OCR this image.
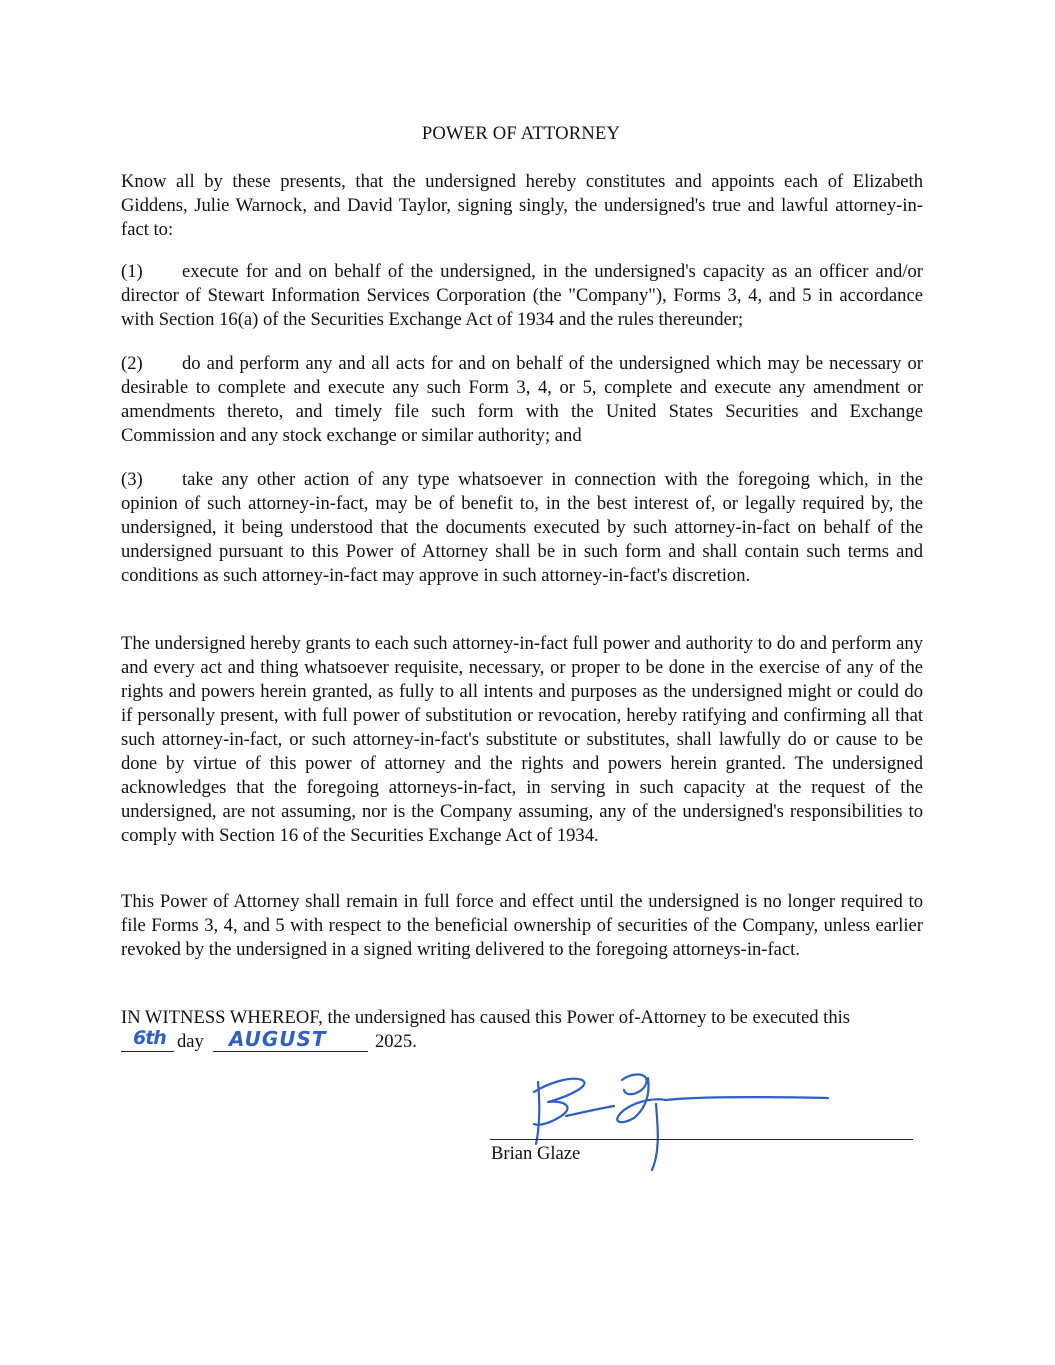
POWER OF ATTORNEY

Know all by these presents, that the undersigned hereby constitutes and appoints each of Elizabeth Giddens, Julie Warnock, and David Taylor, signing singly, the undersigned's true and lawful attorney-in-fact to:

(1) execute for and on behalf of the undersigned, in the undersigned's capacity as an officer and/or director of Stewart Information Services Corporation (the "Company"), Forms 3, 4, and 5 in accordance with Section 16(a) of the Securities Exchange Act of 1934 and the rules thereunder;

(2) do and perform any and all acts for and on behalf of the undersigned which may be necessary or desirable to complete and execute any such Form 3, 4, or 5, complete and execute any amendment or amendments thereto, and timely file such form with the United States Securities and Exchange Commission and any stock exchange or similar authority; and

(3) take any other action of any type whatsoever in connection with the foregoing which, in the opinion of such attorney-in-fact, may be of benefit to, in the best interest of, or legally required by, the undersigned, it being understood that the documents executed by such attorney-in-fact on behalf of the undersigned pursuant to this Power of Attorney shall be in such form and shall contain such terms and conditions as such attorney-in-fact may approve in such attorney-in-fact's discretion.

The undersigned hereby grants to each such attorney-in-fact full power and authority to do and perform any and every act and thing whatsoever requisite, necessary, or proper to be done in the exercise of any of the rights and powers herein granted, as fully to all intents and purposes as the undersigned might or could do if personally present, with full power of substitution or revocation, hereby ratifying and confirming all that such attorney-in-fact, or such attorney-in-fact's substitute or substitutes, shall lawfully do or cause to be done by virtue of this power of attorney and the rights and powers herein granted. The undersigned acknowledges that the foregoing attorneys-in-fact, in serving in such capacity at the request of the undersigned, are not assuming, nor is the Company assuming, any of the undersigned's responsibilities to comply with Section 16 of the Securities Exchange Act of 1934.

This Power of Attorney shall remain in full force and effect until the undersigned is no longer required to file Forms 3, 4, and 5 with respect to the beneficial ownership of securities of the Company, unless earlier revoked by the undersigned in a signed writing delivered to the foregoing attorneys-in-fact.

IN WITNESS WHEREOF, the undersigned has caused this Power of-Attorney to be executed this
6th day AUGUST	2025.
Brian Glaze
